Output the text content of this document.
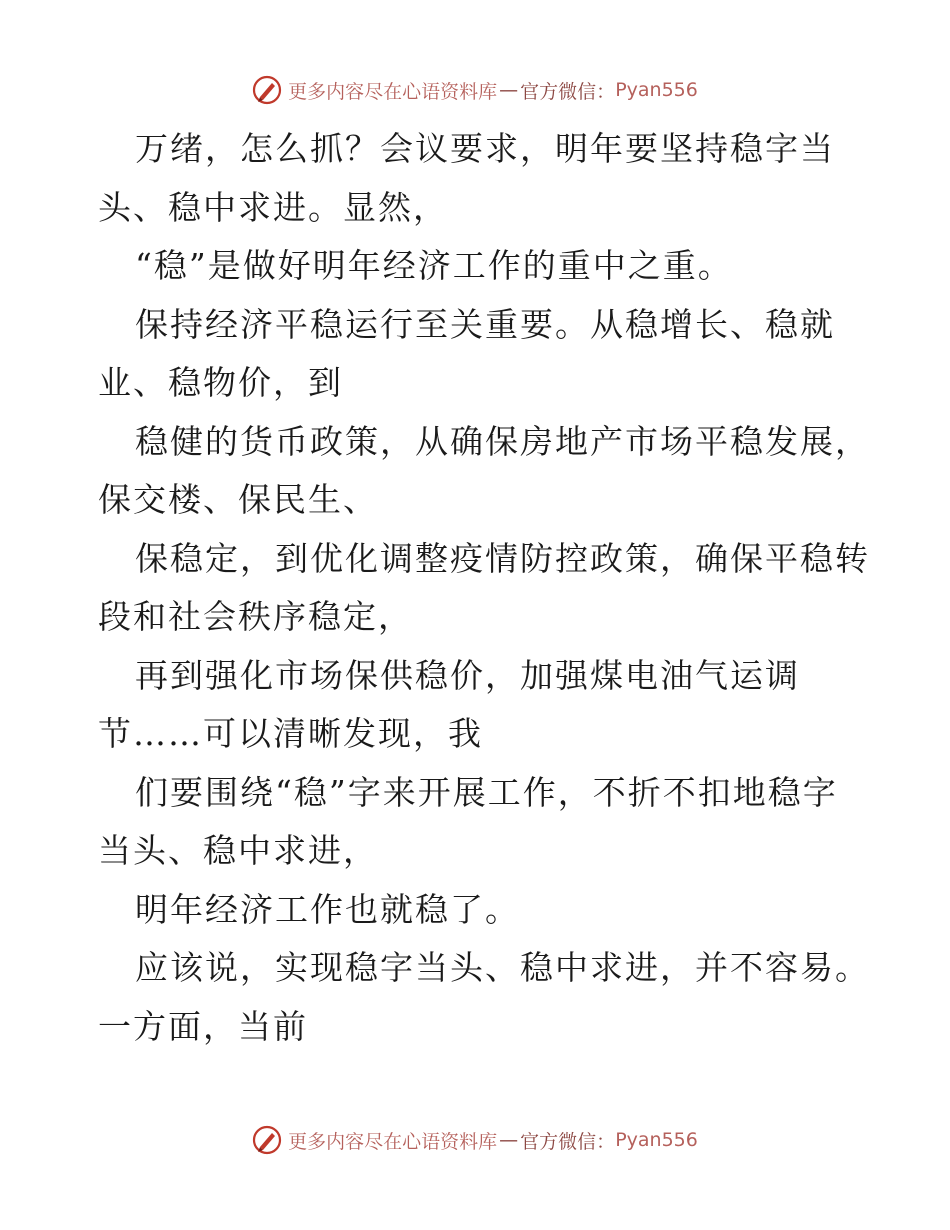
更多内容尽在心语资料库 — 官方微信： Pyan556
万绪，怎么抓？会议要求，明年要坚持稳字当
头、稳中求进。显然，
“稳”是做好明年经济工作的重中之重。
保持经济平稳运行至关重要。从稳增长、稳就
业、稳物价，到
稳健的货币政策，从确保房地产市场平稳发展，
保交楼、保民生、
保稳定，到优化调整疫情防控政策，确保平稳转
段和社会秩序稳定，
再到强化市场保供稳价，加强煤电油气运调
节……可以清晰发现，我
们要围绕“稳”字来开展工作，不折不扣地稳字
当头、稳中求进，
明年经济工作也就稳了。
应该说，实现稳字当头、稳中求进，并不容易。
一方面，当前
更多内容尽在心语资料库 — 官方微信： Pyan556
